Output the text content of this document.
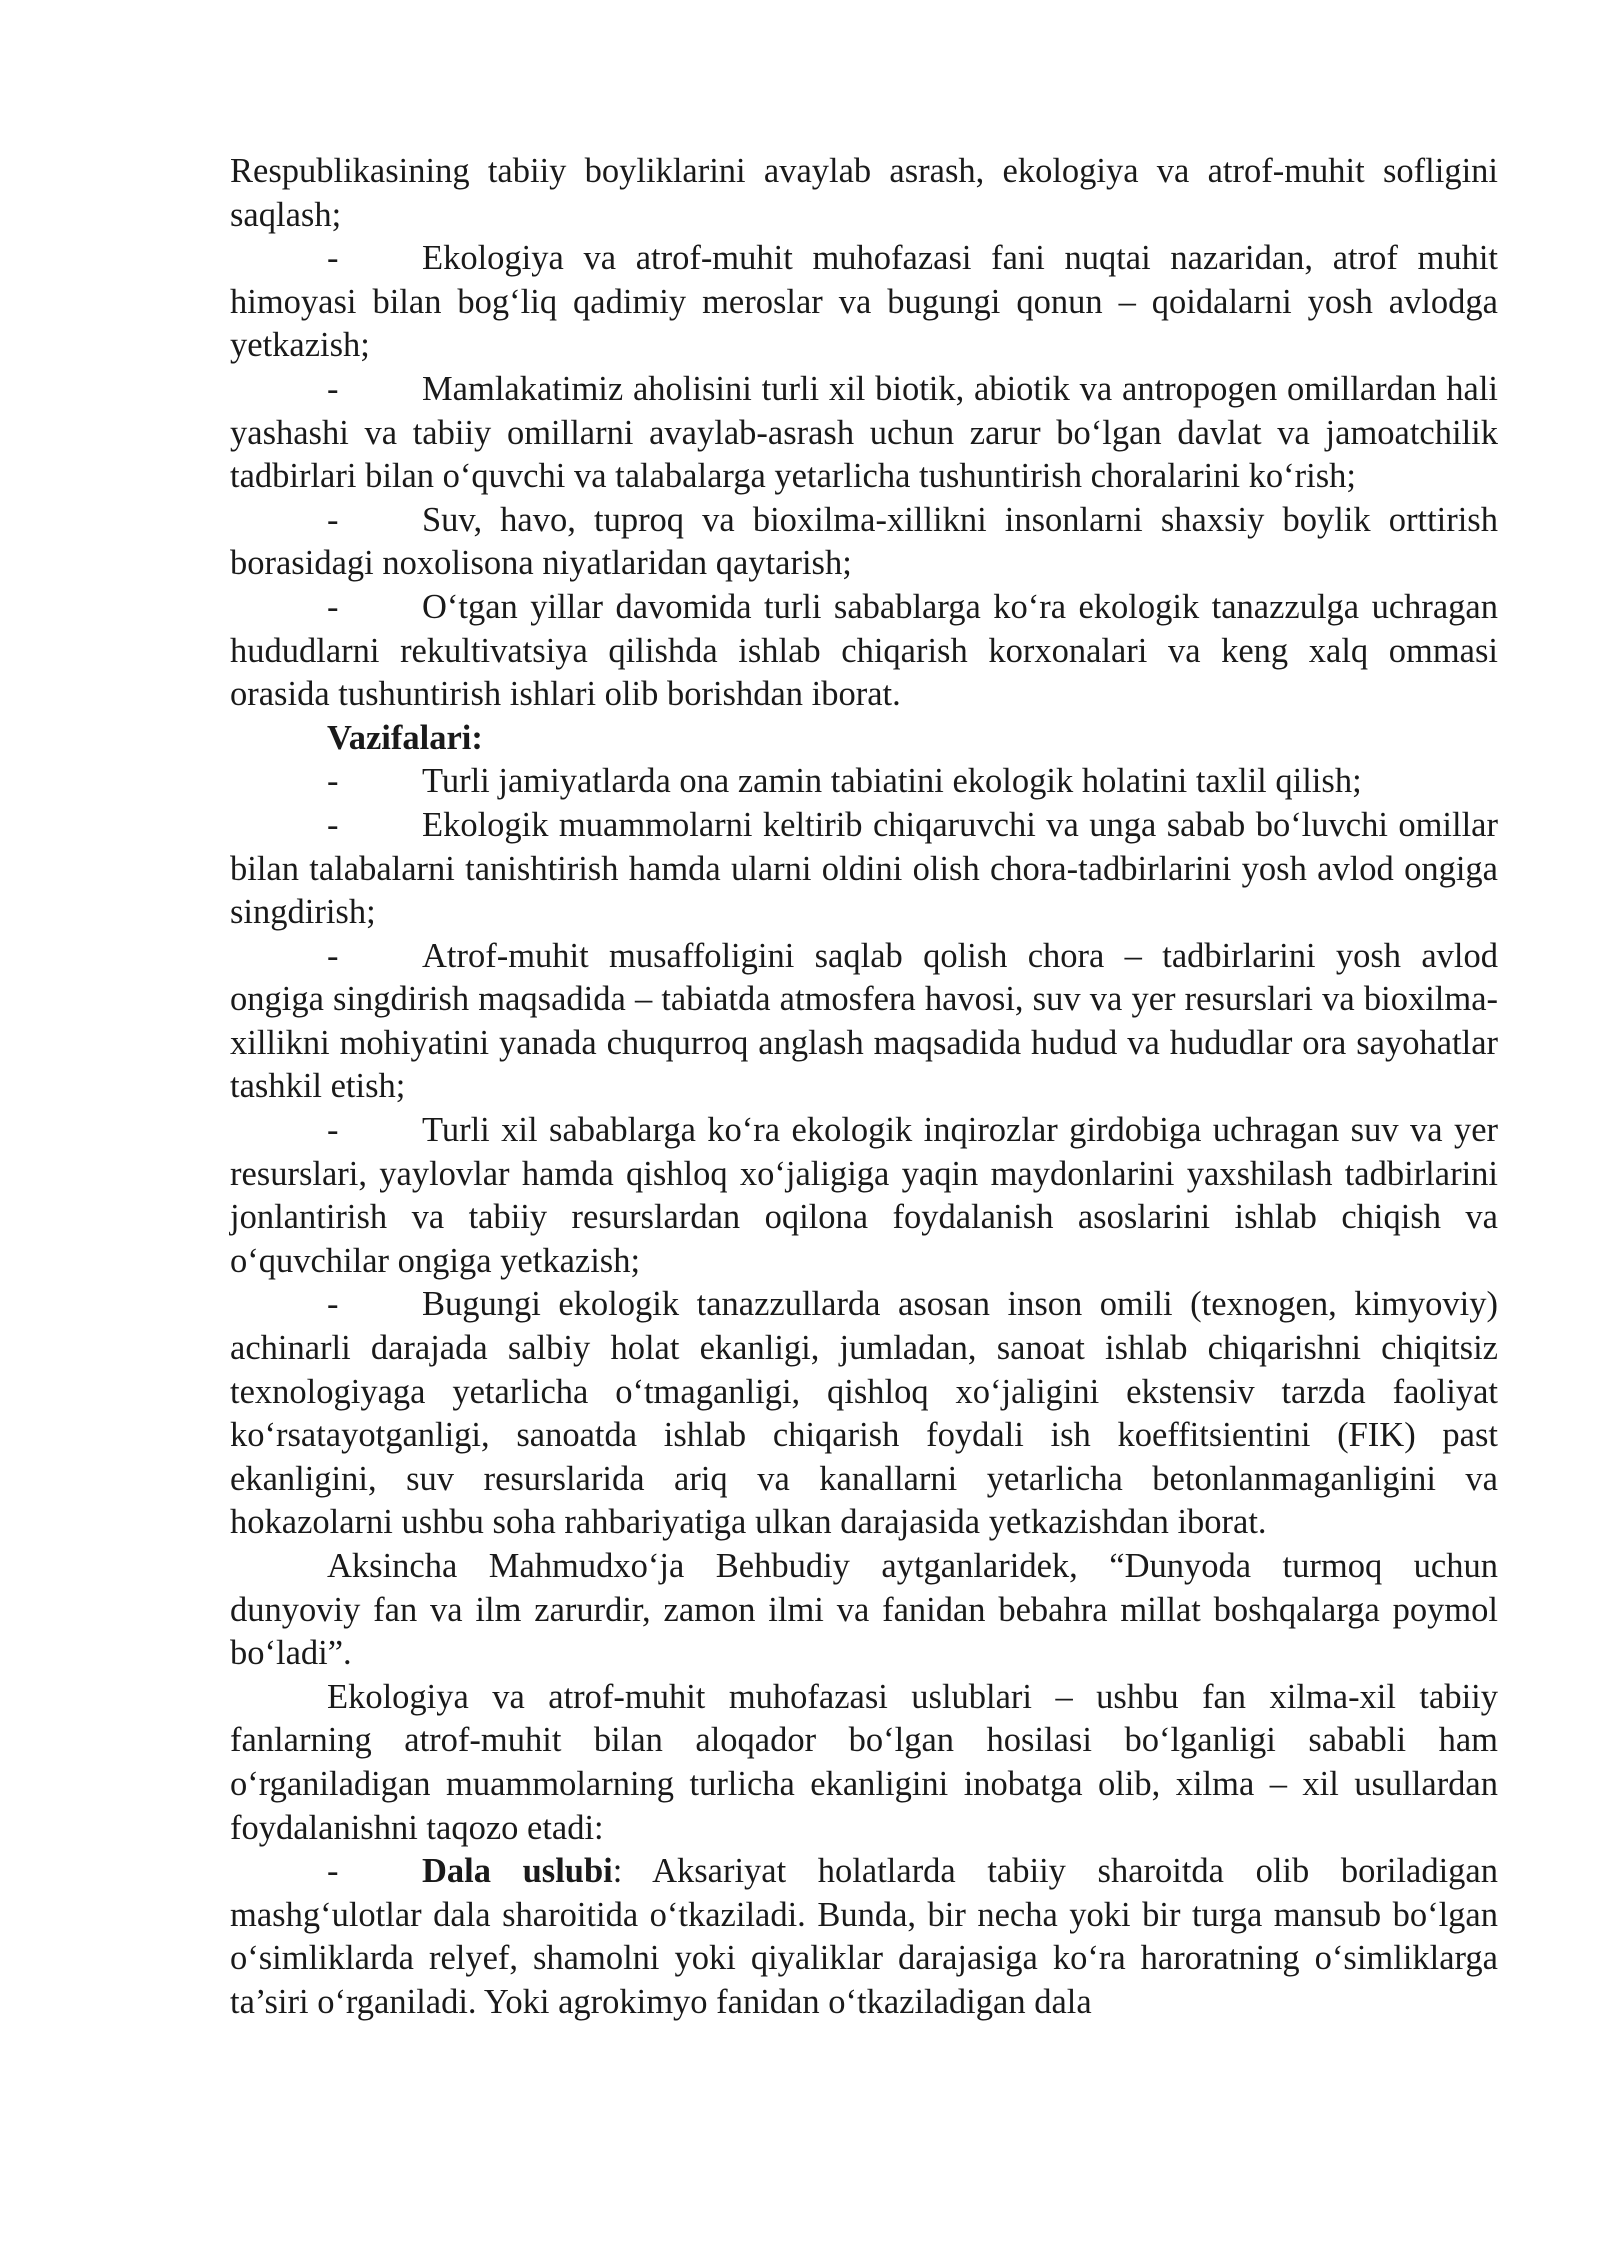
Respublikasining tabiiy boyliklarini avaylab asrash, ekologiya va atrof-muhit sofligini saqlash;

- Ekologiya va atrof-muhit muhofazasi fani nuqtai nazaridan, atrof muhit himoyasi bilan bog‘liq qadimiy meroslar va bugungi qonun – qoidalarni yosh avlodga yetkazish;

- Mamlakatimiz aholisini turli xil biotik, abiotik va antropogen omillardan hali yashashi va tabiiy omillarni avaylab-asrash uchun zarur bo‘lgan davlat va jamoatchilik tadbirlari bilan o‘quvchi va talabalarga yetarlicha tushuntirish choralarini ko‘rish;

- Suv, havo, tuproq va bioxilma-xillikni insonlarni shaxsiy boylik orttirish borasidagi noxolisona niyatlaridan qaytarish;

- O‘tgan yillar davomida turli sabablarga ko‘ra ekologik tanazzulga uchragan hududlarni rekultivatsiya qilishda ishlab chiqarish korxonalari va keng xalq ommasi orasida tushuntirish ishlari olib borishdan iborat.

Vazifalari:

- Turli jamiyatlarda ona zamin tabiatini ekologik holatini taxlil qilish;

- Ekologik muammolarni keltirib chiqaruvchi va unga sabab bo‘luvchi omillar bilan talabalarni tanishtirish hamda ularni oldini olish chora-tadbirlarini yosh avlod ongiga singdirish;

- Atrof-muhit musaffoligini saqlab qolish chora – tadbirlarini yosh avlod ongiga singdirish maqsadida – tabiatda atmosfera havosi, suv va yer resurslari va bioxilma-xillikni mohiyatini yanada chuqurroq anglash maqsadida hudud va hududlar ora sayohatlar tashkil etish;

- Turli xil sabablarga ko‘ra ekologik inqirozlar girdobiga uchragan suv va yer resurslari, yaylovlar hamda qishloq xo‘jaligiga yaqin maydonlarini yaxshilash tadbirlarini jonlantirish va tabiiy resurslardan oqilona foydalanish asoslarini ishlab chiqish va o‘quvchilar ongiga yetkazish;

- Bugungi ekologik tanazzullarda asosan inson omili (texnogen, kimyoviy) achinarli darajada salbiy holat ekanligi, jumladan, sanoat ishlab chiqarishni chiqitsiz texnologiyaga yetarlicha o‘tmaganligi, qishloq xo‘jaligini ekstensiv tarzda faoliyat ko‘rsatayotganligi, sanoatda ishlab chiqarish foydali ish koeffitsientini (FIK) past ekanligini, suv resurslarida ariq va kanallarni yetarlicha betonlanmaganligini va hokazolarni ushbu soha rahbariyatiga ulkan darajasida yetkazishdan iborat.

Aksincha Mahmudxo‘ja Behbudiy aytganlaridek, “Dunyoda turmoq uchun dunyoviy fan va ilm zarurdir, zamon ilmi va fanidan bebahra millat boshqalarga poymol bo‘ladi”.

Ekologiya va atrof-muhit muhofazasi uslublari – ushbu fan xilma-xil tabiiy fanlarning atrof-muhit bilan aloqador bo‘lgan hosilasi bo‘lganligi sababli ham o‘rganiladigan muammolarning turlicha ekanligini inobatga olib, xilma – xil usullardan foydalanishni taqozo etadi:

- Dala uslubi: Aksariyat holatlarda tabiiy sharoitda olib boriladigan mashg‘ulotlar dala sharoitida o‘tkaziladi. Bunda, bir necha yoki bir turga mansub bo‘lgan o‘simliklarda relyef, shamolni yoki qiyaliklar darajasiga ko‘ra haroratning o‘simliklarga ta’siri o‘rganiladi. Yoki agrokimyo fanidan o‘tkaziladigan dala
